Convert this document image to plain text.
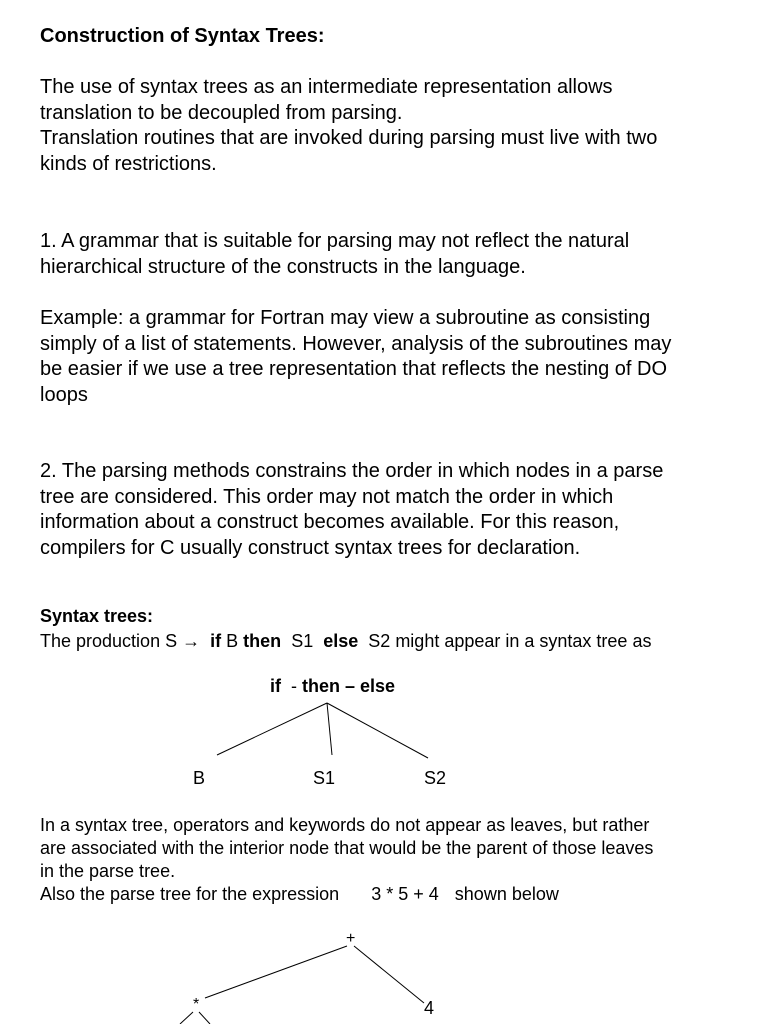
Construction of Syntax Trees:
The use of syntax trees as an intermediate representation allows
translation to be decoupled from parsing.
Translation routines that are invoked during parsing must live with two
kinds of restrictions.
1. A grammar that is suitable for parsing may not reflect the natural
hierarchical structure of the constructs in the language.
Example: a grammar for Fortran may view a subroutine as consisting
simply of a list of statements. However, analysis of the subroutines may
be easier if we use a tree representation that reflects the nesting of DO
loops
2. The parsing methods constrains the order in which nodes in a parse
tree are considered. This order may not match the order in which
information about a construct becomes available. For this reason,
compilers for C usually construct syntax trees for declaration.
Syntax trees:
The production S → if B then S1 else S2 might appear in a syntax tree as
if - then – else
B	S1	S2
In a syntax tree, operators and keywords do not appear as leaves, but rather
are associated with the interior node that would be the parent of those leaves
in the parse tree.
Also the parse tree for the expression 3 * 5 + 4 shown below
+
*	4
